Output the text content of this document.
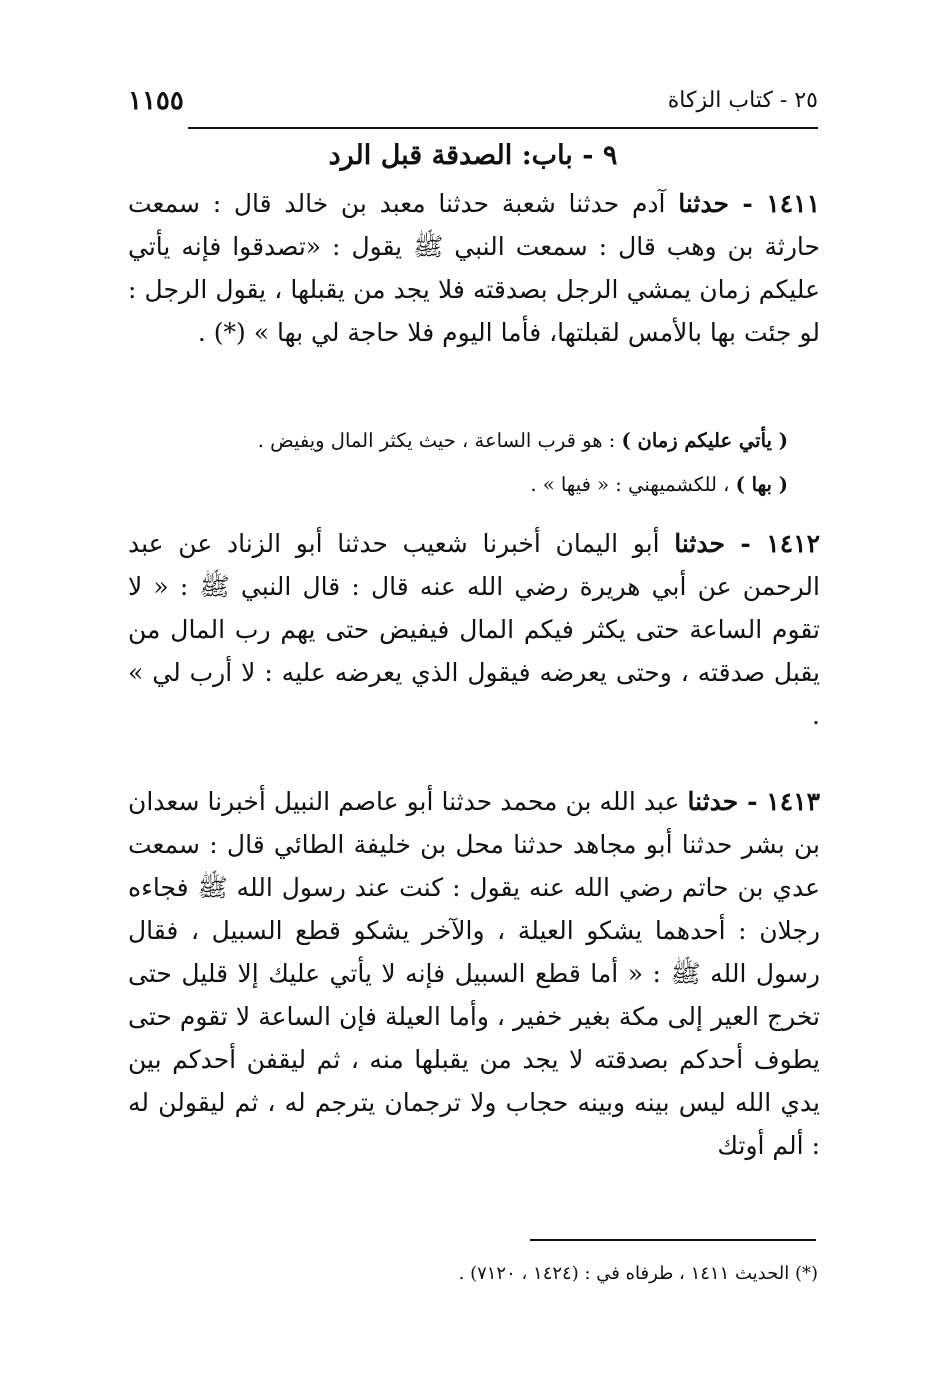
١١٥٥	٢٥ - كتاب الزكاة
٩ - باب: الصدقة قبل الرد
١٤١١ - حدثنا آدم حدثنا شعبة حدثنا معبد بن خالد قال : سمعت حارثة بن وهب قال : سمعت النبي ﷺ يقول : «تصدقوا فإنه يأتي عليكم زمان يمشي الرجل بصدقته فلا يجد من يقبلها ، يقول الرجل : لو جئت بها بالأمس لقبلتها، فأما اليوم فلا حاجة لي بها » (*) .
( يأتي عليكم زمان ) : هو قرب الساعة ، حيث يكثر المال ويفيض .
( بها ) ، للكشميهني : « فيها » .
١٤١٢ - حدثنا أبو اليمان أخبرنا شعيب حدثنا أبو الزناد عن عبد الرحمن عن أبي هريرة رضي الله عنه قال : قال النبي ﷺ : « لا تقوم الساعة حتى يكثر فيكم المال فيفيض حتى يهم رب المال من يقبل صدقته ، وحتى يعرضه فيقول الذي يعرضه عليه : لا أرب لي » .
١٤١٣ - حدثنا عبد الله بن محمد حدثنا أبو عاصم النبيل أخبرنا سعدان بن بشر حدثنا أبو مجاهد حدثنا محل بن خليفة الطائي قال : سمعت عدي بن حاتم رضي الله عنه يقول : كنت عند رسول الله ﷺ فجاءه رجلان : أحدهما يشكو العيلة ، والآخر يشكو قطع السبيل ، فقال رسول الله ﷺ : « أما قطع السبيل فإنه لا يأتي عليك إلا قليل حتى تخرج العير إلى مكة بغير خفير ، وأما العيلة فإن الساعة لا تقوم حتى يطوف أحدكم بصدقته لا يجد من يقبلها منه ، ثم ليقفن أحدكم بين يدي الله ليس بينه وبينه حجاب ولا ترجمان يترجم له ، ثم ليقولن له : ألم أوتك
(*) الحديث ١٤١١ ، طرفاه في : (١٤٢٤ ، ٧١٢٠) .
